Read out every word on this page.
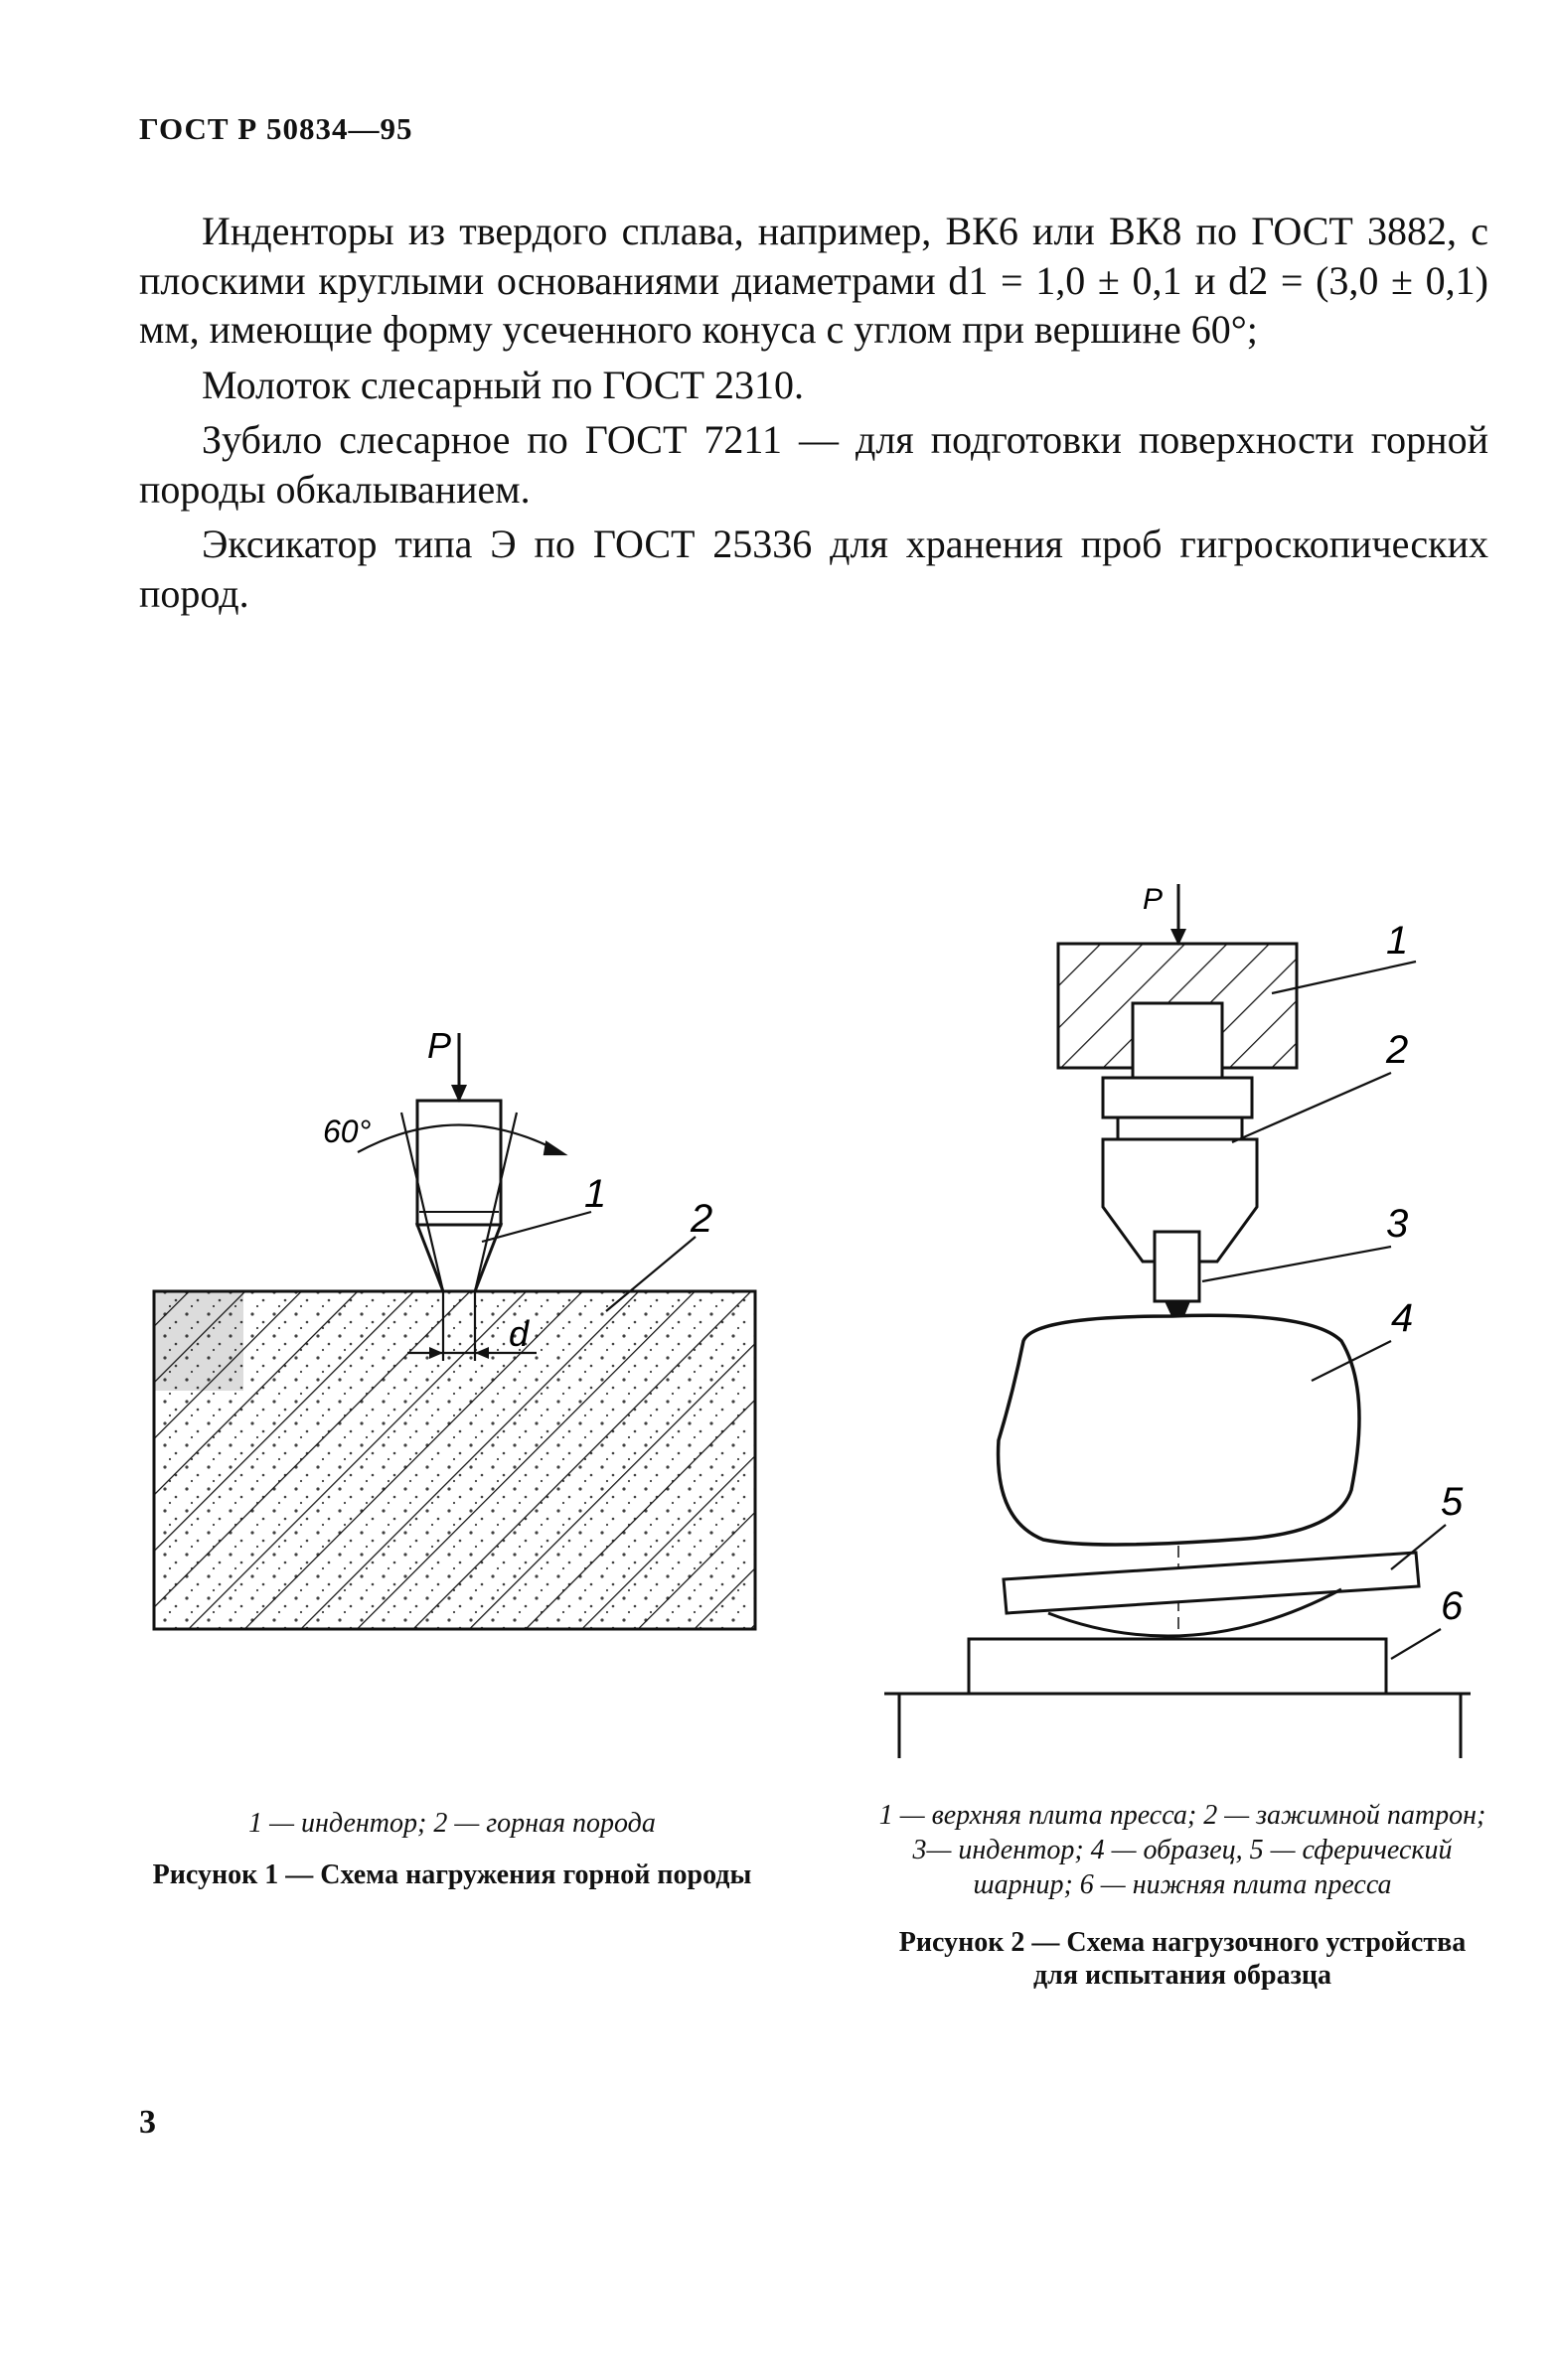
ГОСТ Р 50834—95

Инденторы из твердого сплава, например, ВК6 или ВК8 по ГОСТ 3882, с плоскими круглыми основаниями диаметрами d1 = 1,0 ± 0,1 и d2 = (3,0 ± 0,1) мм, имеющие форму усеченного конуса с углом при вершине 60°;

Молоток слесарный по ГОСТ 2310.

Зубило слесарное по ГОСТ 7211 — для подготовки поверхности горной породы обкалыванием.

Эксикатор типа Э по ГОСТ 25336 для хранения проб гигроскопических пород.

P
60°
1
2
d
P
1
2
3
4
5
6
1 — индентор; 2 — горная порода
Рисунок 1 — Схема нагружения горной породы
1 — верхняя плита пресса; 2 — зажимной патрон; 3— индентор; 4 — образец, 5 — сферический шарнир; 6 — нижняя плита пресса
Рисунок 2 — Схема нагрузочного устройства для испытания образца
3
